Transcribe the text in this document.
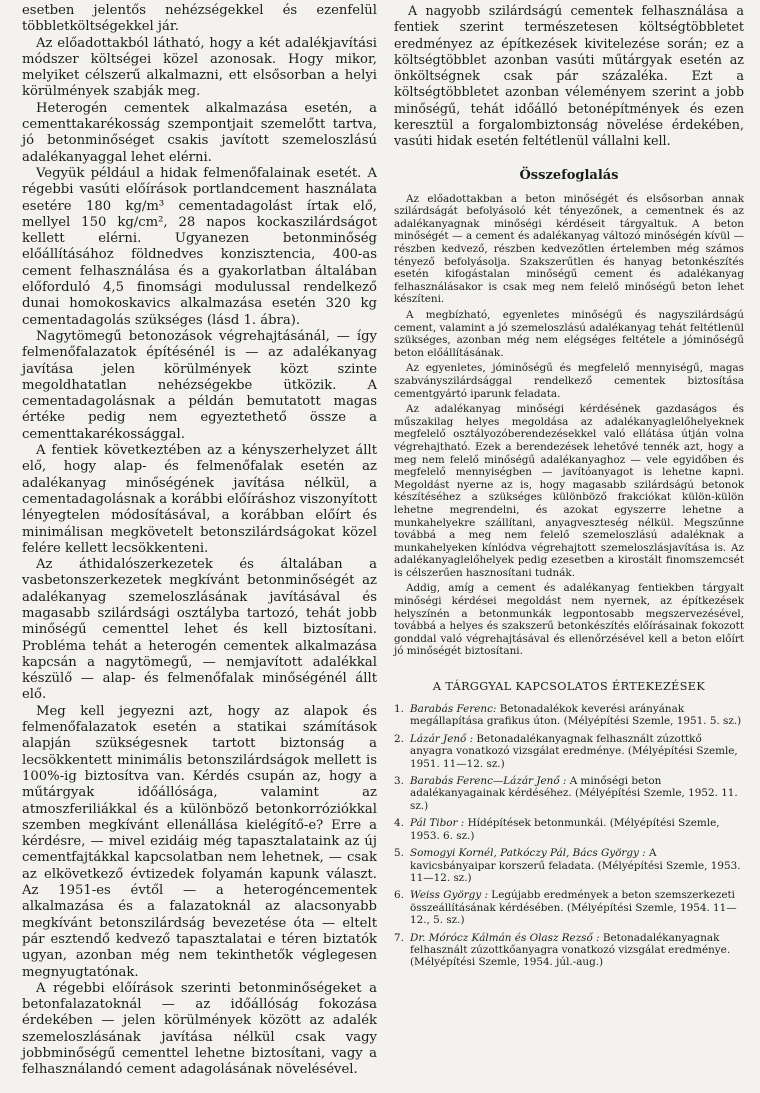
esetben jelentős nehézségekkel és ezenfelül többletköltségekkel jár.

Az előadottakból látható, hogy a két adalékjavítási módszer költségei közel azonosak. Hogy mikor, melyiket célszerű alkalmazni, ett elsősorban a helyi körülmények szabják meg.

Heterogén cementek alkalmazása esetén, a cementtakarékosság szempontjait szemelőtt tartva, jó betonminőséget csakis javított szemeloszlású adalékanyaggal lehet elérni.

Vegyük például a hidak felmenőfalainak esetét. A régebbi vasúti előírások portlandcement használata esetére 180 kg/m³ cementadagolást írtak elő, mellyel 150 kg/cm², 28 napos kockaszilárdságot kellett elérni. Ugyanezen betonminőség előállításához földnedves konzisztencia, 400-as cement felhasználása és a gyakorlatban általában előforduló 4,5 finomsági modulussal rendelkező dunai homokoskavics alkalmazása esetén 320 kg cementadagolás szükséges (lásd 1. ábra).

Nagytömegű betonozások végrehajtásánál, — így felmenőfalazatok építésénél is — az adalékanyag javítása jelen körülmények közt szinte megoldhatatlan nehézségekbe ütközik. A cementadagolásnak a példán bemutatott magas értéke pedig nem egyeztethető össze a cementtakarékossággal.

A fentiek következtében az a kényszerhelyzet állt elő, hogy alap- és felmenőfalak esetén az adalékanyag minőségének javítása nélkül, a cementadagolásnak a korábbi előíráshoz viszonyított lényegtelen módosításával, a korábban előírt és minimálisan megkövetelt betonszilárdságokat közel felére kellett lecsökkenteni.

Az áthidalószerkezetek és általában a vasbetonszerkezetek megkívánt betonminőségét az adalékanyag szemeloszlásának javításával és magasabb szilárdsági osztályba tartozó, tehát jobb minőségű cementtel lehet és kell biztosítani. Probléma tehát a heterogén cementek alkalmazása kapcsán a nagytömegű, — nemjavított adalékkal készülő — alap- és felmenőfalak minőségénél állt elő.

Meg kell jegyezni azt, hogy az alapok és felmenőfalazatok esetén a statikai számítások alapján szükségesnek tartott biztonság a lecsökkentett minimális betonszilárdságok mellett is 100%-ig biztosítva van. Kérdés csupán az, hogy a műtárgyak időállósága, valamint az atmoszferiliákkal és a különböző betonkorróziókkal szemben megkívánt ellenállása kielégítő-e? Erre a kérdésre, — mivel ezidáig még tapasztalataink az új cementfajtákkal kapcsolatban nem lehetnek, — csak az elkövetkező évtizedek folyamán kapunk választ. Az 1951-es évtől — a heterogéncementek alkalmazása és a falazatoknál az alacsonyabb megkívánt betonszilárdság bevezetése óta — eltelt pár esztendő kedvező tapasztalatai e téren biztatók ugyan, azonban még nem tekinthetők véglegesen megnyugtatónak.

A régebbi előírások szerinti betonminőségeket a betonfalazatoknál — az időállóság fokozása érdekében — jelen körülmények között az adalék szemeloszlásának javítása nélkül csak vagy jobbminőségű cementtel lehetne biztosítani, vagy a felhasználandó cement adagolásának növelésével.

A nagyobb szilárdságú cementek felhasználása a fentiek szerint természetesen költségtöbbletet eredményez az építkezések kivitelezése során; ez a költségtöbblet azonban vasúti műtárgyak esetén az önköltségnek csak pár százaléka. Ezt a költségtöbbletet azonban véleményem szerint a jobb minőségű, tehát időálló betonépítmények és ezen keresztül a forgalombiztonság növelése érdekében, vasúti hidak esetén feltétlenül vállalni kell.

Összefoglalás

Az előadottakban a beton minőségét és elsősorban annak szilárdságát befolyásoló két tényezőnek, a cementnek és az adalékanyagnak minőségi kérdéseit tárgyaltuk. A beton minőségét — a cement és adalékanyag változó minőségén kívül — részben kedvező, részben kedvezőtlen értelemben még számos tényező befolyásolja. Szakszerűtlen és hanyag betonkészítés esetén kifogástalan minőségű cement és adalékanyag felhasználásakor is csak meg nem felelő minőségű beton lehet készíteni.

A megbízható, egyenletes minőségű és nagyszilárdságú cement, valamint a jó szemeloszlású adalékanyag tehát feltétlenül szükséges, azonban még nem elégséges feltétele a jóminőségű beton előállításának.

Az egyenletes, jóminőségű és megfelelő mennyiségű, magas szabványszilárdsággal rendelkező cementek biztosítása cementgyártó iparunk feladata.

Az adalékanyag minőségi kérdésének gazdaságos és műszakilag helyes megoldása az adalékanyaglelőhelyeknek megfelelő osztályozóberendezésekkel való ellátása útján volna végrehajtható. Ezek a berendezések lehetővé tennék azt, hogy a meg nem felelő minőségű adalékanyaghoz — vele egyidőben és megfelelő mennyiségben — javítóanyagot is lehetne kapni. Megoldást nyerne az is, hogy magasabb szilárdságú betonok készítéséhez a szükséges különböző frakciókat külön-külön lehetne megrendelni, és azokat egyszerre lehetne a munkahelyekre szállítani, anyagveszteség nélkül. Megszűnne továbbá a meg nem felelő szemeloszlású adaléknak a munkahelyeken kínlódva végrehajtott szemeloszlásjavítása is. Az adalékanyaglelőhelyek pedig ezesetben a kirostált finomszemcsét is célszerűen hasznosítani tudnák.

Addig, amíg a cement és adalékanyag fentiekben tárgyalt minőségi kérdései megoldást nem nyernek, az építkezések helyszínén a betonmunkák legpontosabb megszervezésével, továbbá a helyes és szakszerű betonkészítés előírásainak fokozott gonddal való végrehajtásával és ellenőrzésével kell a beton előírt jó minőségét biztosítani.

A TÁRGGYAL KAPCSOLATOS ÉRTEKEZÉSEK
1. Barabás Ferenc: Betonadalékok keverési arányának megállapítása grafikus úton. (Mélyépítési Szemle, 1951. 5. sz.)
2. Lázár Jenő : Betonadalékanyagnak felhasznált zúzottkő anyagra vonatkozó vizsgálat eredménye. (Mélyépítési Szemle, 1951. 11—12. sz.)
3. Barabás Ferenc—Lázár Jenő : A minőségi beton adalékanyagainak kérdéséhez. (Mélyépítési Szemle, 1952. 11. sz.)
4. Pál Tibor : Hídépítések betonmunkái. (Mélyépítési Szemle, 1953. 6. sz.)
5. Somogyi Kornél, Patkóczy Pál, Bács György : A kavicsbányaipar korszerű feladata. (Mélyépítési Szemle, 1953. 11—12. sz.)
6. Weiss György : Legújabb eredmények a beton szemszerkezeti összeállításának kérdésében. (Mélyépítési Szemle, 1954. 11—12., 5. sz.)
7. Dr. Mórócz Kálmán és Olasz Rezső : Betonadalékanyagnak felhasznált zúzottkőanyagra vonatkozó vizsgálat eredménye. (Mélyépítési Szemle, 1954. júl.-aug.)
